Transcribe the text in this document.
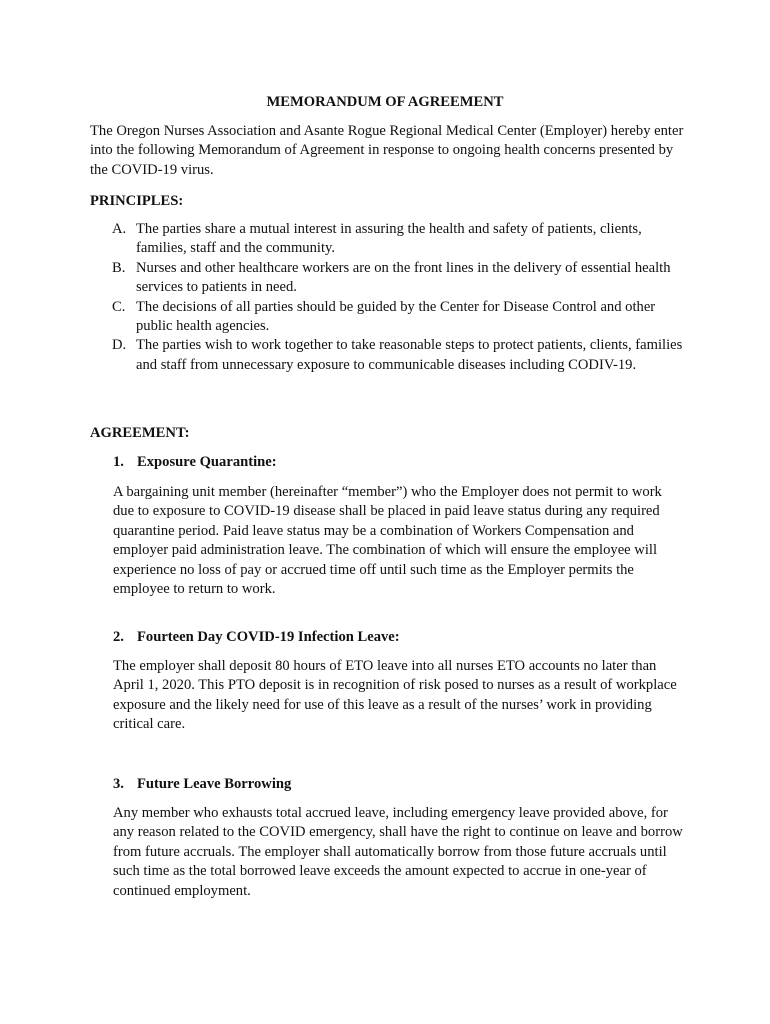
MEMORANDUM OF AGREEMENT
The Oregon Nurses Association and Asante Rogue Regional Medical Center (Employer) hereby enter into the following Memorandum of Agreement in response to ongoing health concerns presented by the COVID-19 virus.
PRINCIPLES:
A. The parties share a mutual interest in assuring the health and safety of patients, clients, families, staff and the community.
B. Nurses and other healthcare workers are on the front lines in the delivery of essential health services to patients in need.
C. The decisions of all parties should be guided by the Center for Disease Control and other public health agencies.
D. The parties wish to work together to take reasonable steps to protect patients, clients, families and staff from unnecessary exposure to communicable diseases including CODIV-19.
AGREEMENT:
1. Exposure Quarantine:
A bargaining unit member (hereinafter “member”) who the Employer does not permit to work due to exposure to COVID-19 disease shall be placed in paid leave status during any required quarantine period. Paid leave status may be a combination of Workers Compensation and employer paid administration leave. The combination of which will ensure the employee will experience no loss of pay or accrued time off until such time as the Employer permits the employee to return to work.
2. Fourteen Day COVID-19 Infection Leave:
The employer shall deposit 80 hours of ETO leave into all nurses ETO accounts no later than April 1, 2020. This PTO deposit is in recognition of risk posed to nurses as a result of workplace exposure and the likely need for use of this leave as a result of the nurses’ work in providing critical care.
3. Future Leave Borrowing
Any member who exhausts total accrued leave, including emergency leave provided above, for any reason related to the COVID emergency, shall have the right to continue on leave and borrow from future accruals. The employer shall automatically borrow from those future accruals until such time as the total borrowed leave exceeds the amount expected to accrue in one-year of continued employment.
